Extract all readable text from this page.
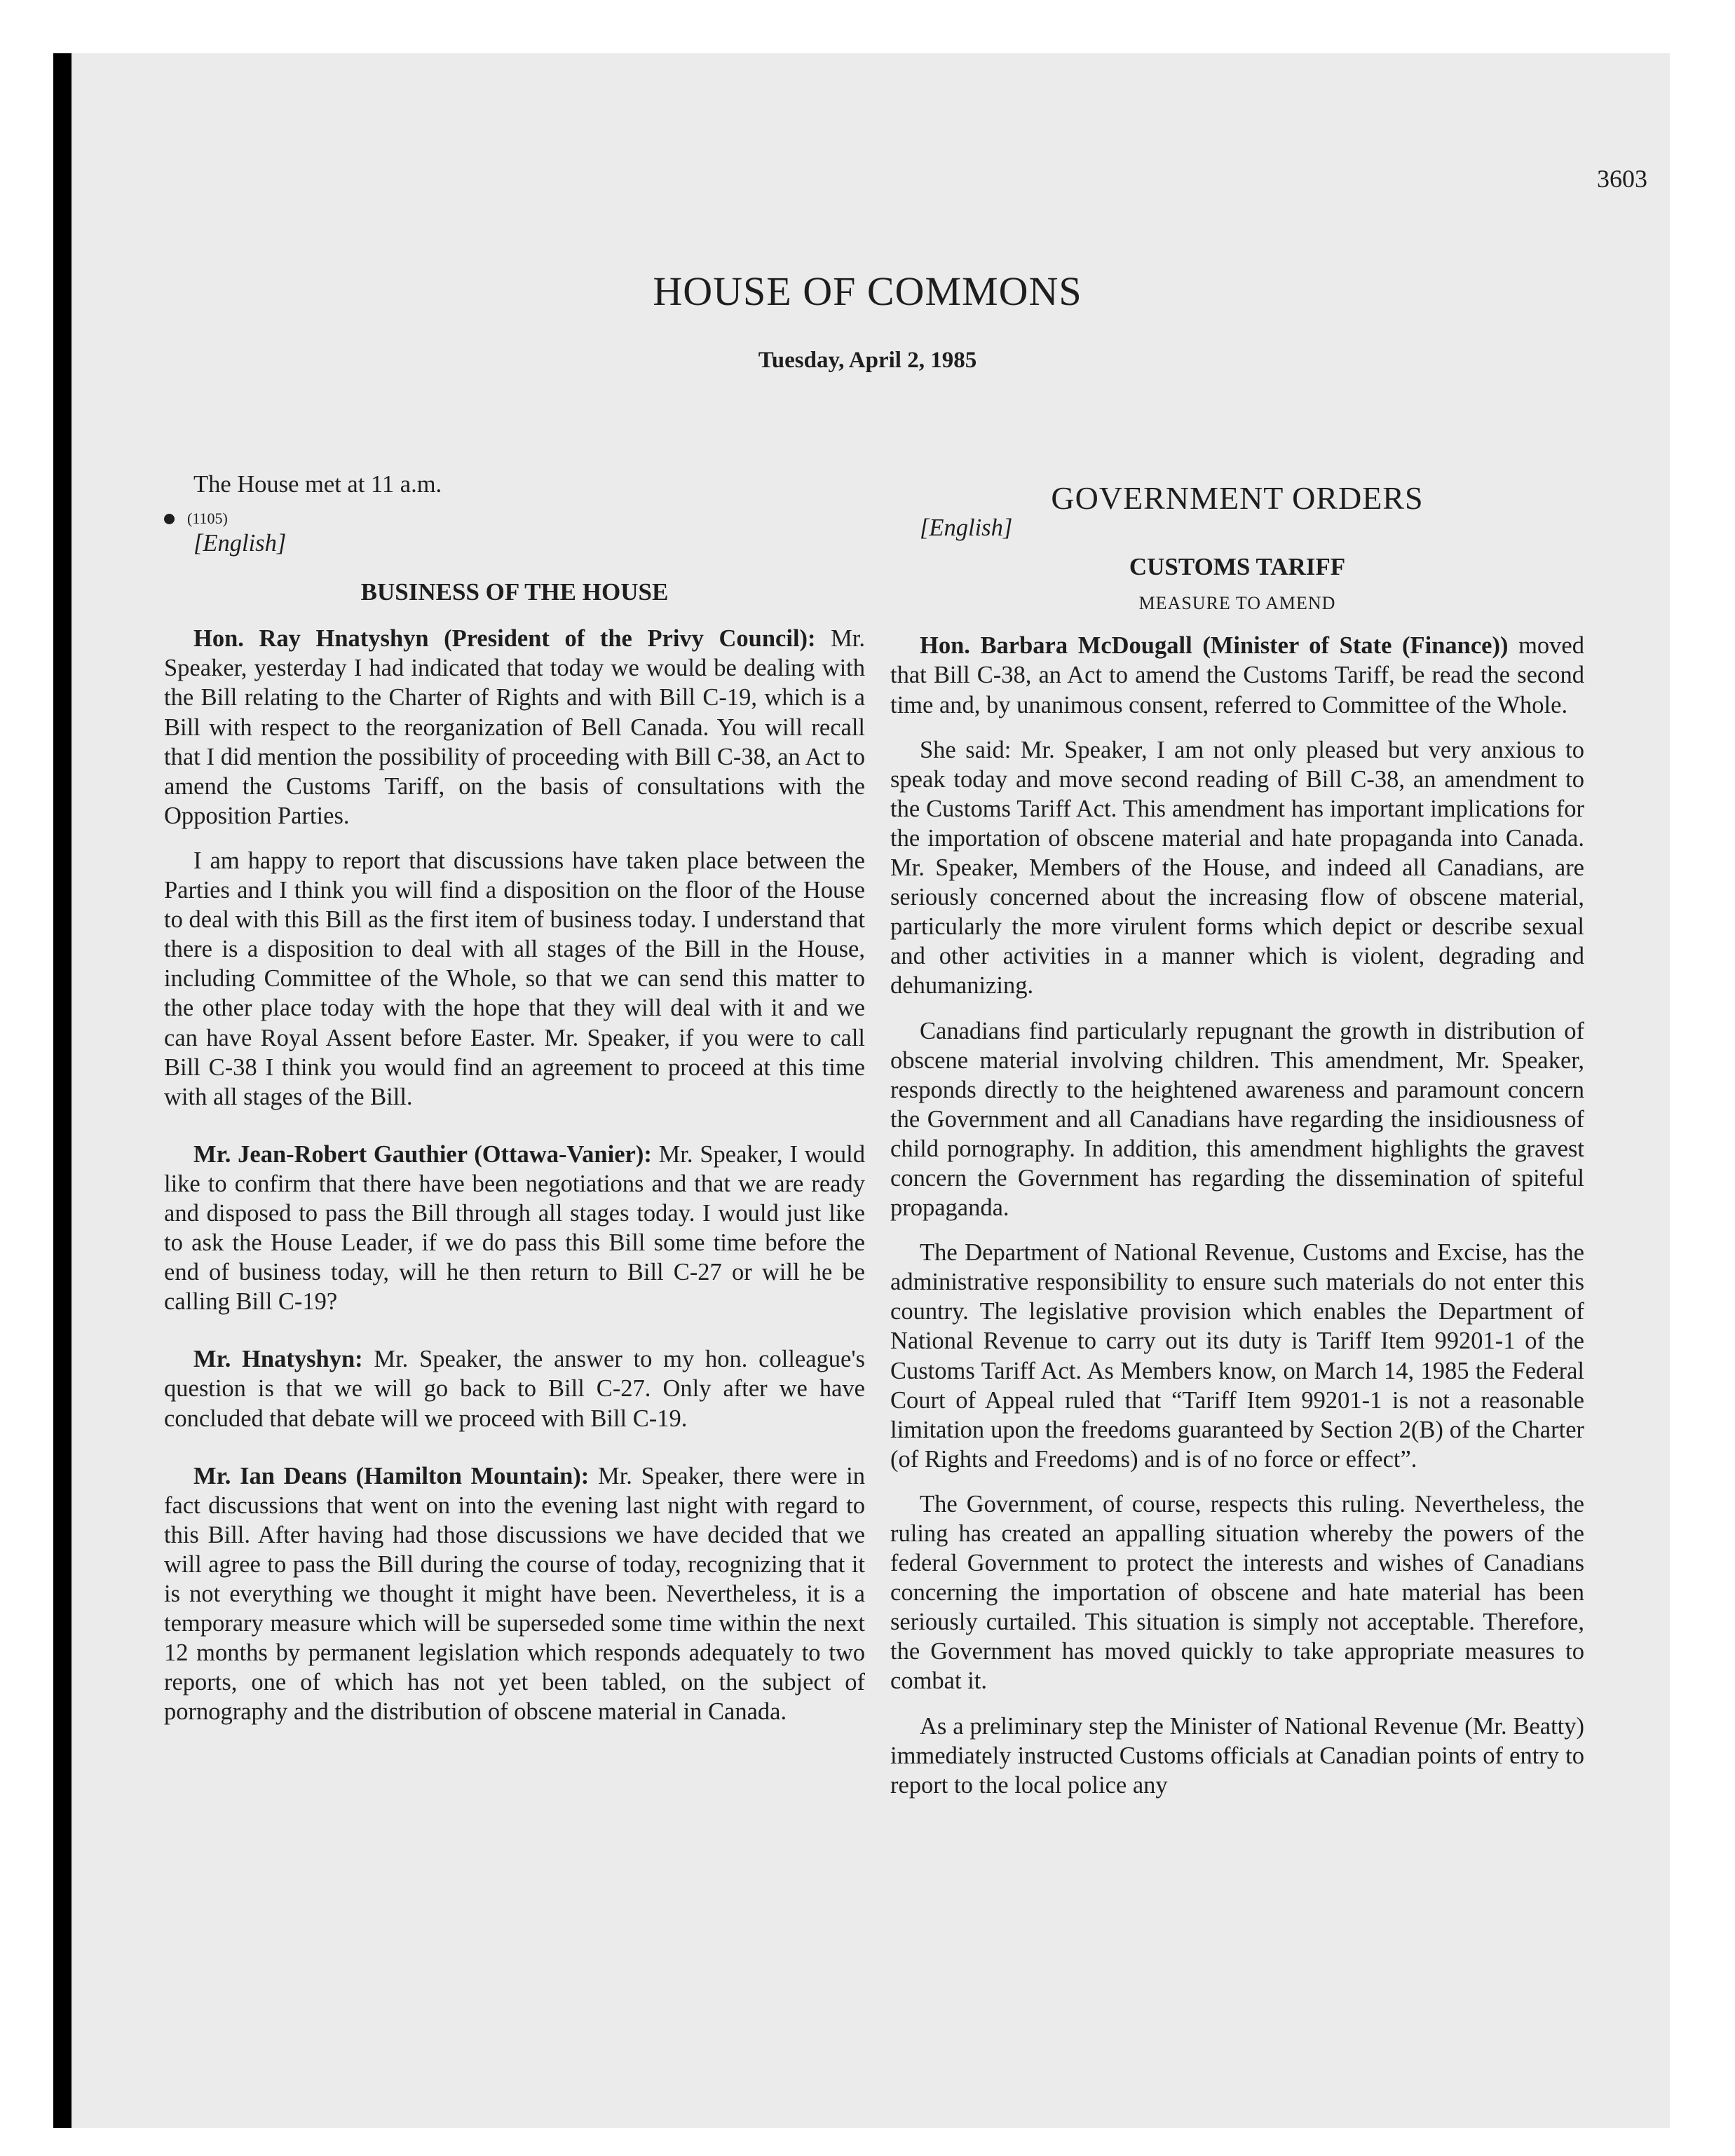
3603
HOUSE OF COMMONS
Tuesday, April 2, 1985

The House met at 11 a.m.

(1105)

[English]

BUSINESS OF THE HOUSE

Hon. Ray Hnatyshyn (President of the Privy Council): Mr. Speaker, yesterday I had indicated that today we would be dealing with the Bill relating to the Charter of Rights and with Bill C-19, which is a Bill with respect to the reorganization of Bell Canada. You will recall that I did mention the possibility of proceeding with Bill C-38, an Act to amend the Customs Tariff, on the basis of consultations with the Opposition Parties.

I am happy to report that discussions have taken place between the Parties and I think you will find a disposition on the floor of the House to deal with this Bill as the first item of business today. I understand that there is a disposition to deal with all stages of the Bill in the House, including Committee of the Whole, so that we can send this matter to the other place today with the hope that they will deal with it and we can have Royal Assent before Easter. Mr. Speaker, if you were to call Bill C-38 I think you would find an agreement to proceed at this time with all stages of the Bill.

Mr. Jean-Robert Gauthier (Ottawa-Vanier): Mr. Speaker, I would like to confirm that there have been negotiations and that we are ready and disposed to pass the Bill through all stages today. I would just like to ask the House Leader, if we do pass this Bill some time before the end of business today, will he then return to Bill C-27 or will he be calling Bill C-19?

Mr. Hnatyshyn: Mr. Speaker, the answer to my hon. colleague's question is that we will go back to Bill C-27. Only after we have concluded that debate will we proceed with Bill C-19.

Mr. Ian Deans (Hamilton Mountain): Mr. Speaker, there were in fact discussions that went on into the evening last night with regard to this Bill. After having had those discussions we have decided that we will agree to pass the Bill during the course of today, recognizing that it is not everything we thought it might have been. Nevertheless, it is a temporary measure which will be superseded some time within the next 12 months by permanent legislation which responds adequately to two reports, one of which has not yet been tabled, on the subject of pornography and the distribution of obscene material in Canada.

GOVERNMENT ORDERS

[English]

CUSTOMS TARIFF
MEASURE TO AMEND

Hon. Barbara McDougall (Minister of State (Finance)) moved that Bill C-38, an Act to amend the Customs Tariff, be read the second time and, by unanimous consent, referred to Committee of the Whole.

She said: Mr. Speaker, I am not only pleased but very anxious to speak today and move second reading of Bill C-38, an amendment to the Customs Tariff Act. This amendment has important implications for the importation of obscene material and hate propaganda into Canada. Mr. Speaker, Members of the House, and indeed all Canadians, are seriously concerned about the increasing flow of obscene material, particularly the more virulent forms which depict or describe sexual and other activities in a manner which is violent, degrading and dehumanizing.

Canadians find particularly repugnant the growth in distribution of obscene material involving children. This amendment, Mr. Speaker, responds directly to the heightened awareness and paramount concern the Government and all Canadians have regarding the insidiousness of child pornography. In addition, this amendment highlights the gravest concern the Government has regarding the dissemination of spiteful propaganda.

The Department of National Revenue, Customs and Excise, has the administrative responsibility to ensure such materials do not enter this country. The legislative provision which enables the Department of National Revenue to carry out its duty is Tariff Item 99201-1 of the Customs Tariff Act. As Members know, on March 14, 1985 the Federal Court of Appeal ruled that “Tariff Item 99201-1 is not a reasonable limitation upon the freedoms guaranteed by Section 2(B) of the Charter (of Rights and Freedoms) and is of no force or effect”.

The Government, of course, respects this ruling. Nevertheless, the ruling has created an appalling situation whereby the powers of the federal Government to protect the interests and wishes of Canadians concerning the importation of obscene and hate material has been seriously curtailed. This situation is simply not acceptable. Therefore, the Government has moved quickly to take appropriate measures to combat it.

As a preliminary step the Minister of National Revenue (Mr. Beatty) immediately instructed Customs officials at Canadian points of entry to report to the local police any
